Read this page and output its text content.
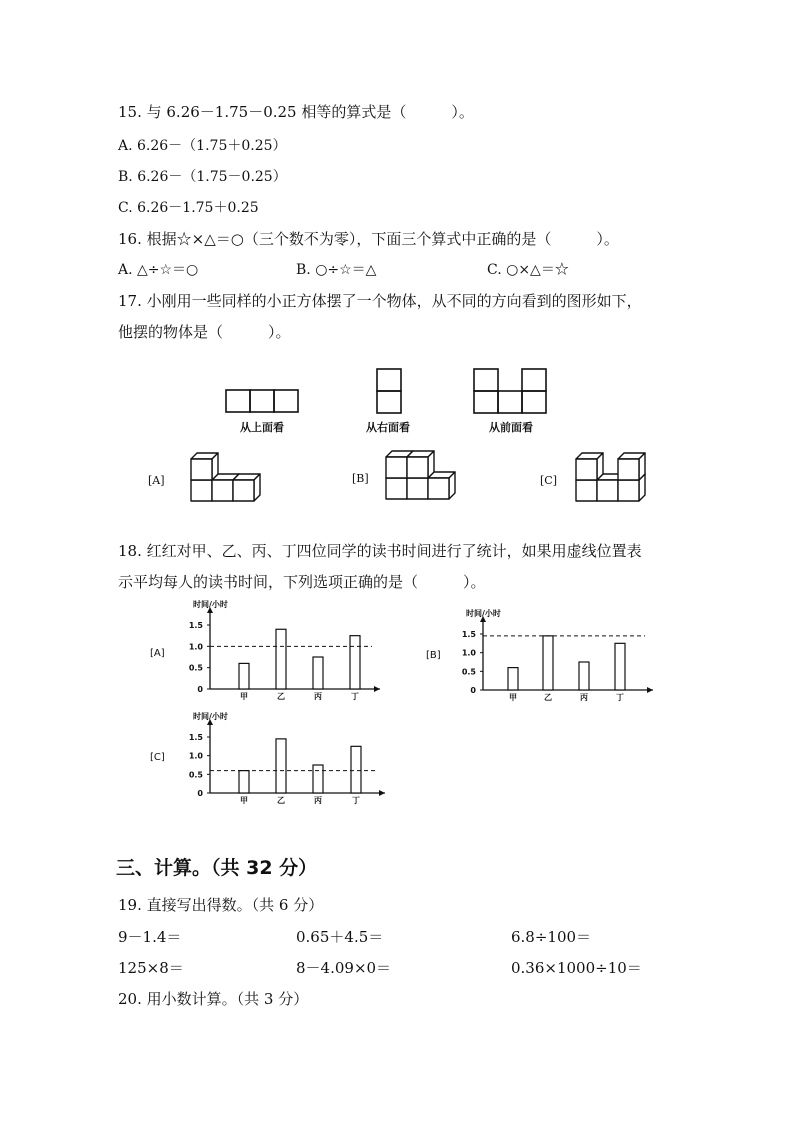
15. 与 6.26－1.75－0.25 相等的算式是（　　　）。
A. 6.26－（1.75＋0.25）
B. 6.26－（1.75－0.25）
C. 6.26－1.75＋0.25
16. 根据☆×△＝○（三个数不为零），下面三个算式中正确的是（　　　）。
A. △÷☆＝○	B. ○÷☆＝△	C. ○×△＝☆
17. 小刚用一些同样的小正方体摆了一个物体，从不同的方向看到的图形如下，
他摆的物体是（　　　）。
从上面看	从右面看	从前面看
[A]	[B]	[C]
18. 红红对甲、乙、丙、丁四位同学的读书时间进行了统计，如果用虚线位置表
示平均每人的读书时间，下列选项正确的是（　　　）。
时间/小时
1.5
1.0
0.5
0
甲	乙	丙	丁
[A]
时间/小时
1.5
1.0
0.5
0
甲	乙	丙	丁
[B]
时间/小时
1.5
1.0
0.5
0
甲	乙	丙	丁
[C]
三、计算。（共 32 分）
19. 直接写出得数。（共 6 分）
9－1.4＝	0.65＋4.5＝	6.8÷100＝
125×8＝	8－4.09×0＝	0.36×1000÷10＝
20. 用小数计算。（共 3 分）
